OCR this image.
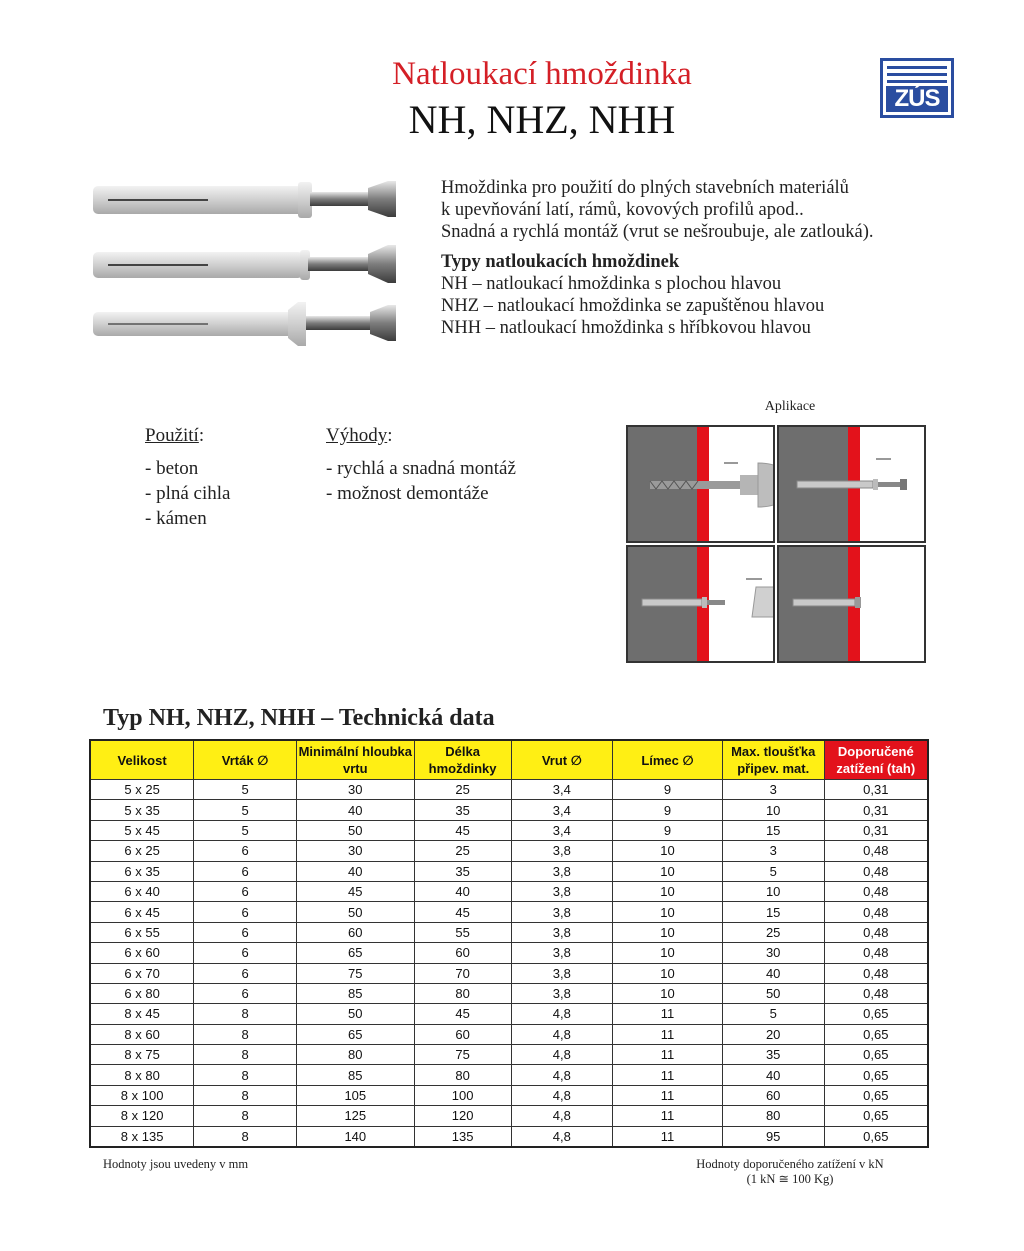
Natloukací hmoždinka
NH, NHZ, NHH	ZÚS
Hmoždinka pro použití do plných stavebních materiálů
k upevňování latí, rámů, kovových profilů apod..
Snadná a rychlá montáž (vrut se nešroubuje, ale zatlouká).
Typy natloukacích hmoždinek
NH – natloukací hmoždinka s plochou hlavou
NHZ – natloukací hmoždinka se zapuštěnou hlavou
NHH – natloukací hmoždinka s hříbkovou hlavou
Použití:
- beton
- plná cihla
- kámen
Výhody:
- rychlá a snadná montáž
- možnost demontáže
Aplikace
Typ NH, NHZ, NHH – Technická data
Velikost	Vrták ∅	Minimální hloubka vrtu	Délka hmoždinky	Vrut ∅	Límec ∅	Max. tloušťka připev. mat.	Doporučené zatížení (tah)
5 x 25	5	30	25	3,4	9	3	0,31
5 x 35	5	40	35	3,4	9	10	0,31
5 x 45	5	50	45	3,4	9	15	0,31
6 x 25	6	30	25	3,8	10	3	0,48
6 x 35	6	40	35	3,8	10	5	0,48
6 x 40	6	45	40	3,8	10	10	0,48
6 x 45	6	50	45	3,8	10	15	0,48
6 x 55	6	60	55	3,8	10	25	0,48
6 x 60	6	65	60	3,8	10	30	0,48
6 x 70	6	75	70	3,8	10	40	0,48
6 x 80	6	85	80	3,8	10	50	0,48
8 x 45	8	50	45	4,8	11	5	0,65
8 x 60	8	65	60	4,8	11	20	0,65
8 x 75	8	80	75	4,8	11	35	0,65
8 x 80	8	85	80	4,8	11	40	0,65
8 x 100	8	105	100	4,8	11	60	0,65
8 x 120	8	125	120	4,8	11	80	0,65
8 x 135	8	140	135	4,8	11	95	0,65
Hodnoty jsou uvedeny v mm	Hodnoty doporučeného zatížení v kN
(1 kN ≅ 100 Kg)
